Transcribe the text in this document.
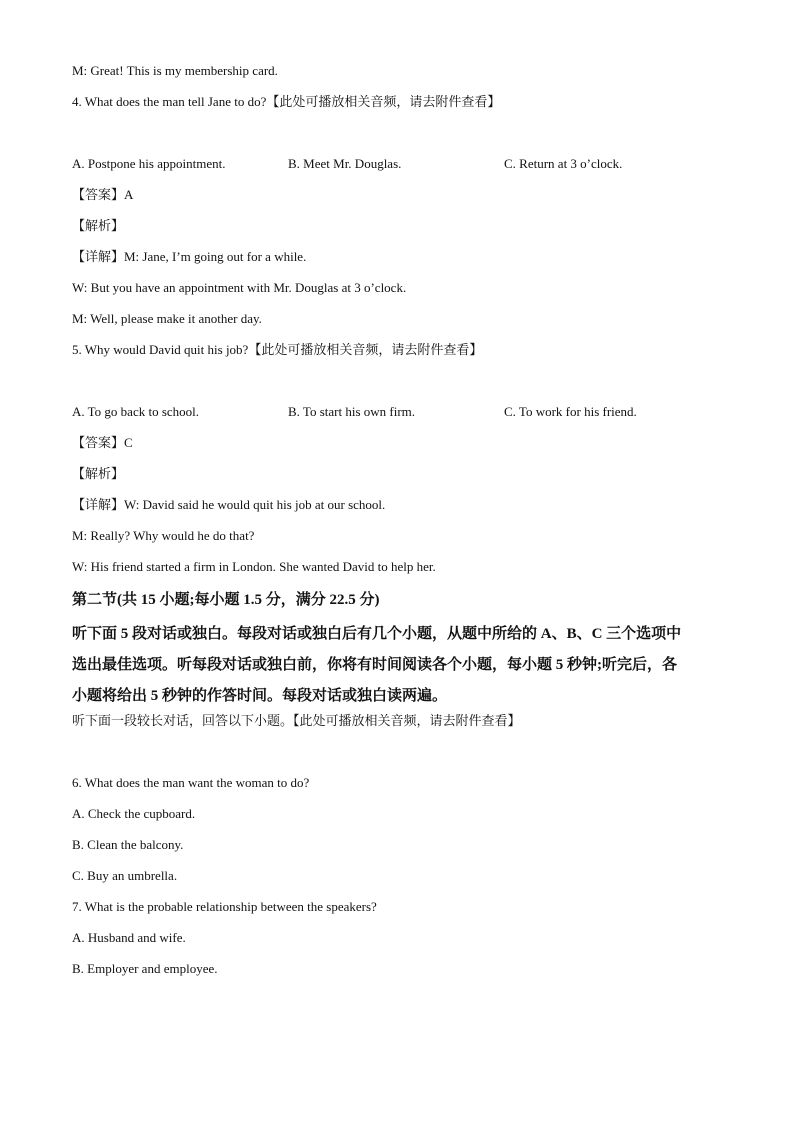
M: Great! This is my membership card.
4. What does the man tell Jane to do?【此处可播放相关音频，请去附件查看】
A. Postpone his appointment.	B. Meet Mr. Douglas.	C. Return at 3 o’clock.
【答案】A
【解析】
【详解】M: Jane, I’m going out for a while.
W: But you have an appointment with Mr. Douglas at 3 o’clock.
M: Well, please make it another day.
5. Why would David quit his job?【此处可播放相关音频，请去附件查看】
A. To go back to school.	B. To start his own firm.	C. To work for his friend.
【答案】C
【解析】
【详解】W: David said he would quit his job at our school.
M: Really? Why would he do that?
W: His friend started a firm in London. She wanted David to help her.
第二节(共 15 小题;每小题 1.5 分，满分 22.5 分)
听下面 5 段对话或独白。每段对话或独白后有几个小题，从题中所给的 A、B、C 三个选项中
选出最佳选项。听每段对话或独白前，你将有时间阅读各个小题，每小题 5 秒钟;听完后，各
小题将给出 5 秒钟的作答时间。每段对话或独白读两遍。
听下面一段较长对话，回答以下小题。【此处可播放相关音频，请去附件查看】
6. What does the man want the woman to do?
A. Check the cupboard.
B. Clean the balcony.
C. Buy an umbrella.
7. What is the probable relationship between the speakers?
A. Husband and wife.
B. Employer and employee.
